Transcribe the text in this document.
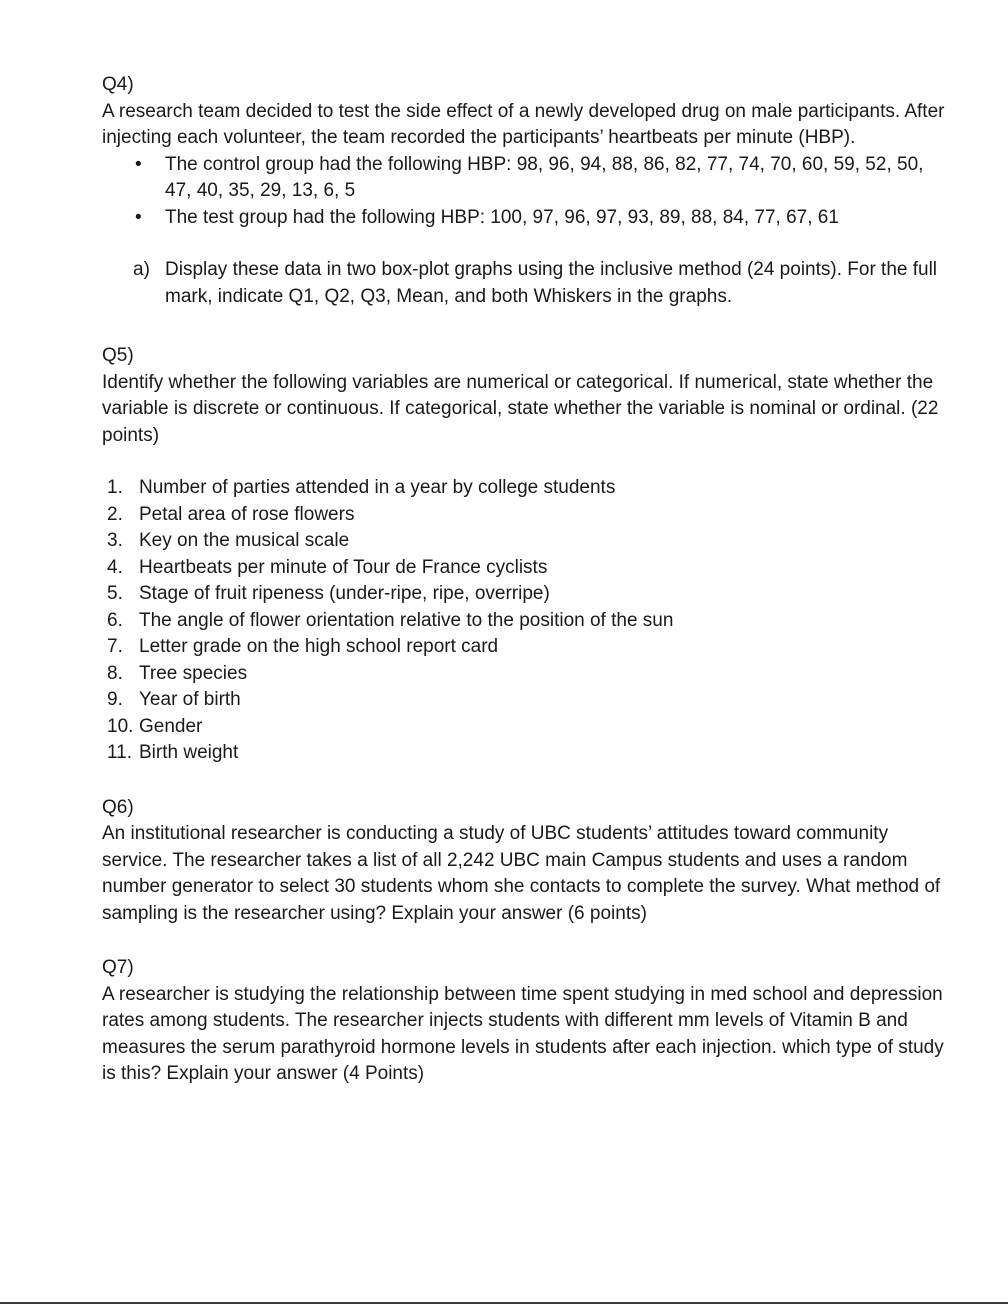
Q4)

A research team decided to test the side effect of a newly developed drug on male participants. After injecting each volunteer, the team recorded the participants’ heartbeats per minute (HBP).

• The control group had the following HBP: 98, 96, 94, 88, 86, 82, 77, 74, 70, 60, 59, 52, 50, 47, 40, 35, 29, 13, 6, 5
• The test group had the following HBP: 100, 97, 96, 97, 93, 89, 88, 84, 77, 67, 61
a) Display these data in two box-plot graphs using the inclusive method (24 points). For the full mark, indicate Q1, Q2, Q3, Mean, and both Whiskers in the graphs.

Q5)

Identify whether the following variables are numerical or categorical. If numerical, state whether the variable is discrete or continuous. If categorical, state whether the variable is nominal or ordinal. (22 points)

1. Number of parties attended in a year by college students
2. Petal area of rose flowers
3. Key on the musical scale
4. Heartbeats per minute of Tour de France cyclists
5. Stage of fruit ripeness (under-ripe, ripe, overripe)
6. The angle of flower orientation relative to the position of the sun
7. Letter grade on the high school report card
8. Tree species
9. Year of birth
10. Gender
11. Birth weight

Q6)

An institutional researcher is conducting a study of UBC students’ attitudes toward community service. The researcher takes a list of all 2,242 UBC main Campus students and uses a random number generator to select 30 students whom she contacts to complete the survey. What method of sampling is the researcher using? Explain your answer (6 points)

Q7)

A researcher is studying the relationship between time spent studying in med school and depression rates among students. The researcher injects students with different mm levels of Vitamin B and measures the serum parathyroid hormone levels in students after each injection. which type of study is this? Explain your answer (4 Points)
